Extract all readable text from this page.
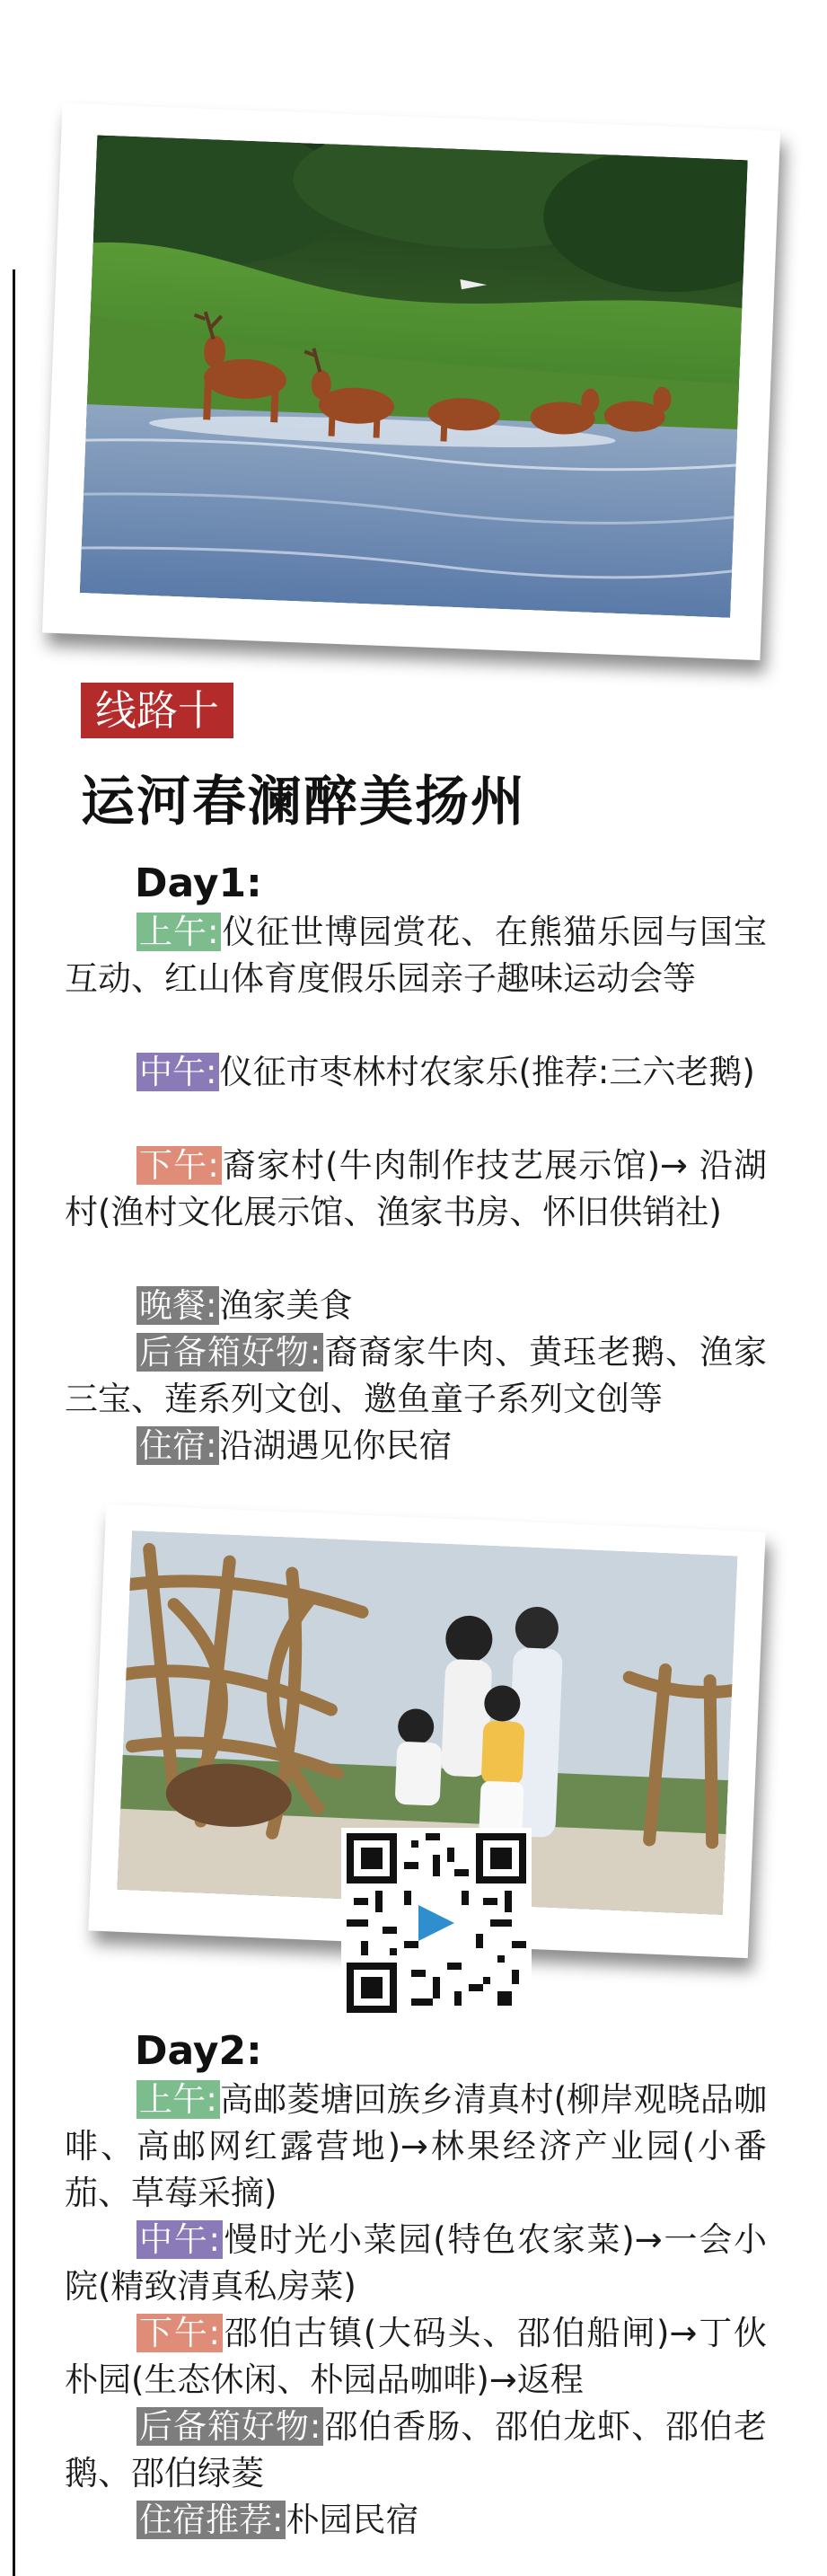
线路十
运河春澜醉美扬州
Day1:
上午:仪征世博园赏花、在熊猫乐园与国宝互动、红山体育度假乐园亲子趣味运动会等
中午:仪征市枣林村农家乐(推荐:三六老鹅)
下午:裔家村(牛肉制作技艺展示馆)→ 沿湖村(渔村文化展示馆、渔家书房、怀旧供销社)
晚餐:渔家美食
后备箱好物:裔裔家牛肉、黄珏老鹅、渔家三宝、莲系列文创、邀鱼童子系列文创等
住宿:沿湖遇见你民宿
Day2:
上午:高邮菱塘回族乡清真村(柳岸观晓品咖啡、高邮网红露营地)→林果经济产业园(小番茄、草莓采摘)
中午:慢时光小菜园(特色农家菜)→一会小院(精致清真私房菜)
下午:邵伯古镇(大码头、邵伯船闸)→丁伙朴园(生态休闲、朴园品咖啡)→返程
后备箱好物:邵伯香肠、邵伯龙虾、邵伯老鹅、邵伯绿菱
住宿推荐:朴园民宿
